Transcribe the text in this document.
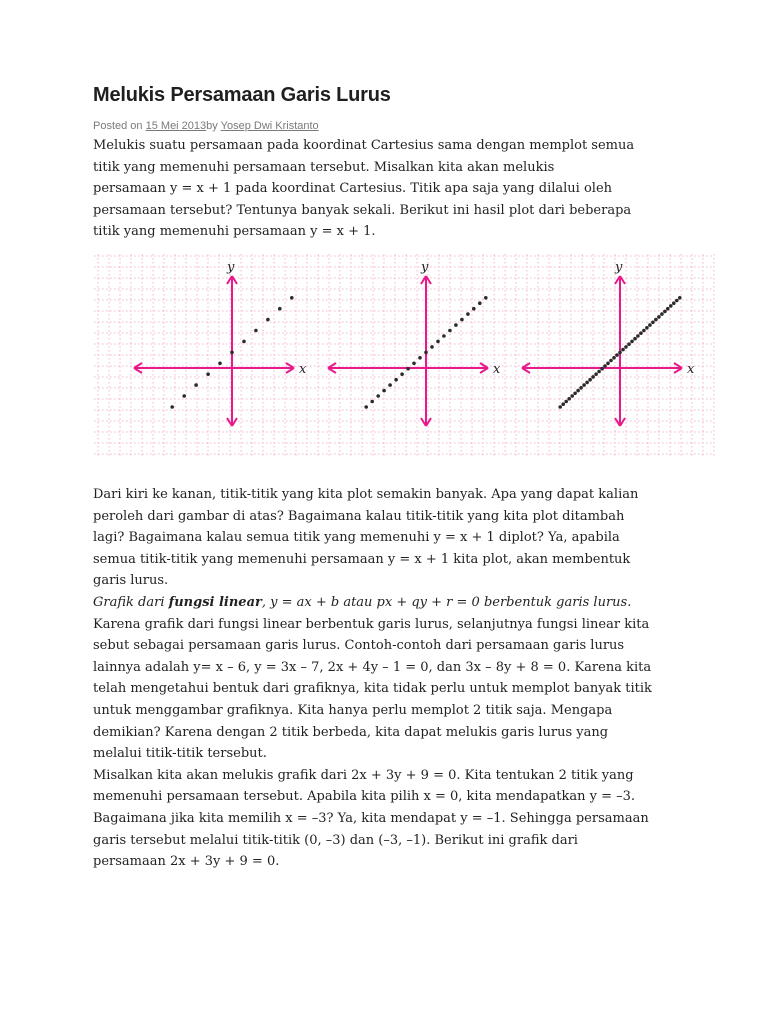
Melukis Persamaan Garis Lurus
Posted on 15 Mei 2013by Yosep Dwi Kristanto
Melukis suatu persamaan pada koordinat Cartesius sama dengan memplot semua
titik yang memenuhi persamaan tersebut. Misalkan kita akan melukis
persamaan y = x + 1 pada koordinat Cartesius. Titik apa saja yang dilalui oleh
persamaan tersebut? Tentunya banyak sekali. Berikut ini hasil plot dari beberapa
titik yang memenuhi persamaan y = x + 1.
x
y
x
y
x
y
Dari kiri ke kanan, titik-titik yang kita plot semakin banyak. Apa yang dapat kalian
peroleh dari gambar di atas? Bagaimana kalau titik-titik yang kita plot ditambah
lagi? Bagaimana kalau semua titik yang memenuhi y = x + 1 diplot? Ya, apabila
semua titik-titik yang memenuhi persamaan y = x + 1 kita plot, akan membentuk
garis lurus.
Grafik dari fungsi linear, y = ax + b atau px + qy + r = 0 berbentuk garis lurus.
Karena grafik dari fungsi linear berbentuk garis lurus, selanjutnya fungsi linear kita
sebut sebagai persamaan garis lurus. Contoh-contoh dari persamaan garis lurus
lainnya adalah y= x – 6, y = 3x – 7, 2x + 4y – 1 = 0, dan 3x – 8y + 8 = 0. Karena kita
telah mengetahui bentuk dari grafiknya, kita tidak perlu untuk memplot banyak titik
untuk menggambar grafiknya. Kita hanya perlu memplot 2 titik saja. Mengapa
demikian? Karena dengan 2 titik berbeda, kita dapat melukis garis lurus yang
melalui titik-titik tersebut.
Misalkan kita akan melukis grafik dari 2x + 3y + 9 = 0. Kita tentukan 2 titik yang
memenuhi persamaan tersebut. Apabila kita pilih x = 0, kita mendapatkan y = –3.
Bagaimana jika kita memilih x = –3? Ya, kita mendapat y = –1. Sehingga persamaan
garis tersebut melalui titik-titik (0, –3) dan (–3, –1). Berikut ini grafik dari
persamaan 2x + 3y + 9 = 0.
